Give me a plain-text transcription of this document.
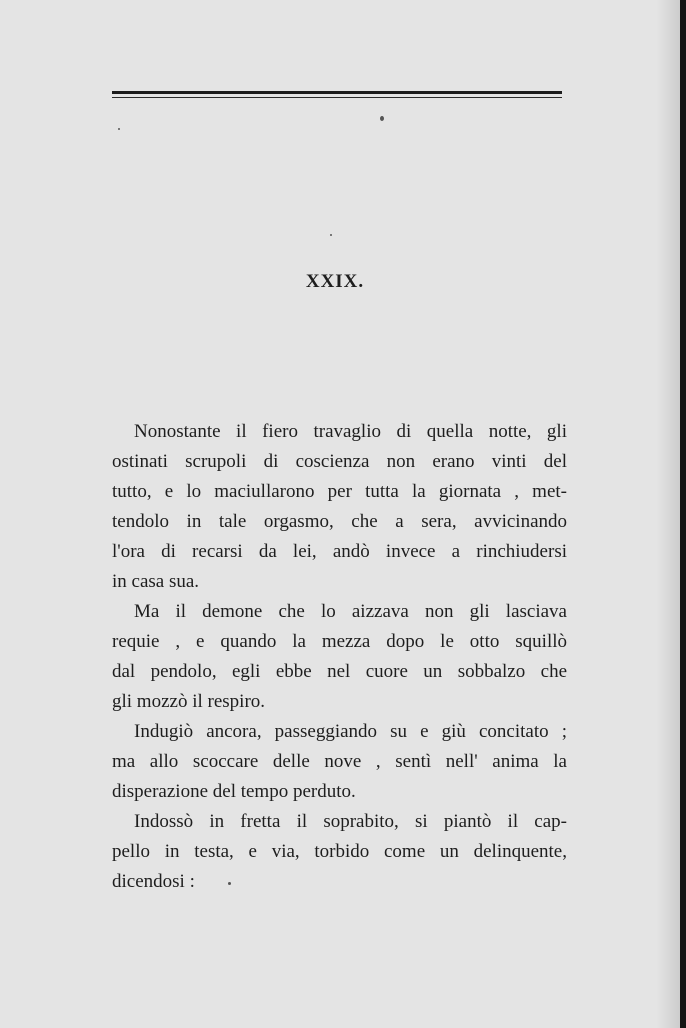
XXIX.
Nonostante il fiero travaglio di quella notte, gli
ostinati scrupoli di coscienza non erano vinti del
tutto, e lo maciullarono per tutta la giornata , met-
tendolo in tale orgasmo, che a sera, avvicinando
l'ora di recarsi da lei, andò invece a rinchiudersi
in casa sua.
Ma il demone che lo aizzava non gli lasciava
requie , e quando la mezza dopo le otto squillò
dal pendolo, egli ebbe nel cuore un sobbalzo che
gli mozzò il respiro.
Indugiò ancora, passeggiando su e giù concitato ;
ma allo scoccare delle nove , sentì nell' anima la
disperazione del tempo perduto.
Indossò in fretta il soprabito, si piantò il cap-
pello in testa, e via, torbido come un delinquente,
dicendosi :
